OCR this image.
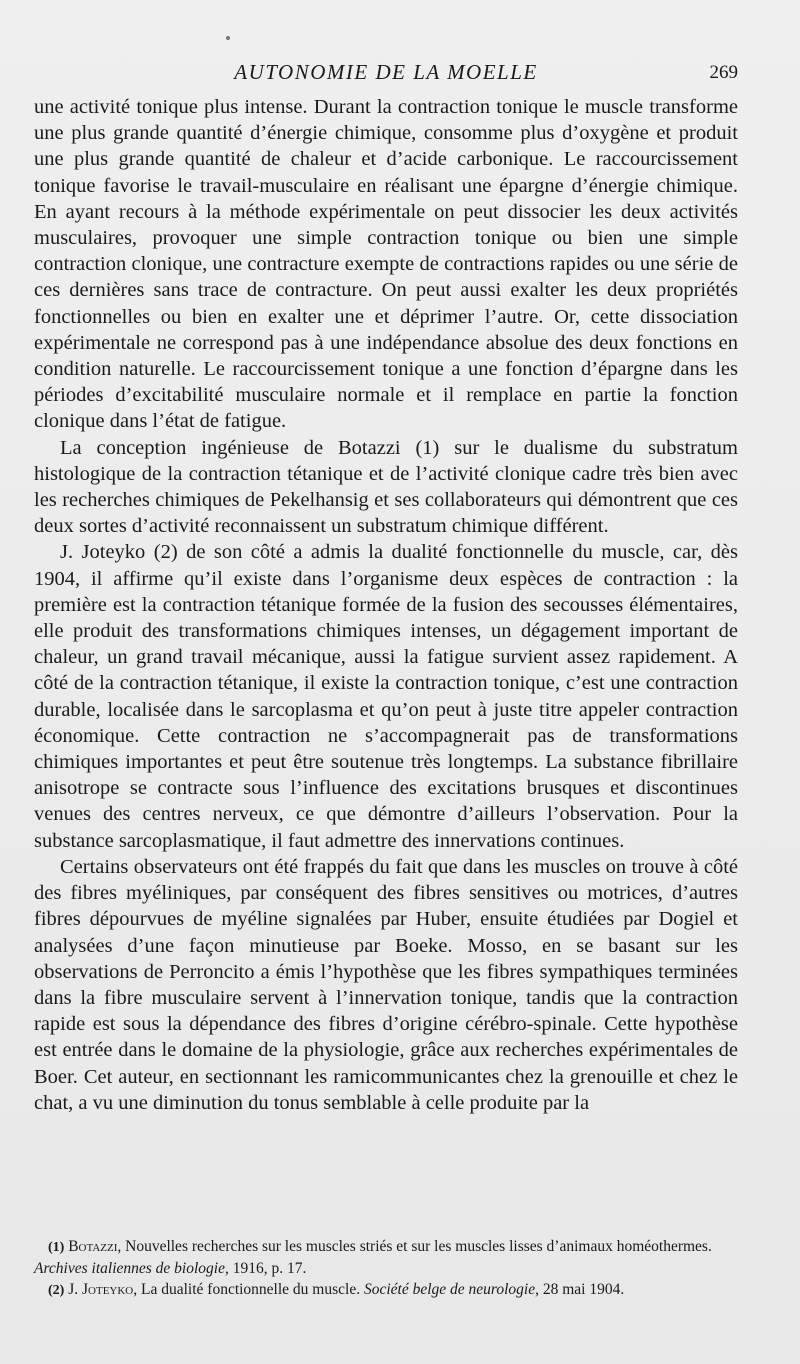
AUTONOMIE DE LA MOELLE	269

une activité tonique plus intense. Durant la contraction tonique le muscle transforme une plus grande quantité d’énergie chimique, consomme plus d’oxygène et produit une plus grande quantité de chaleur et d’acide carbonique. Le raccourcissement tonique favorise le travail-musculaire en réalisant une épargne d’énergie chimique. En ayant recours à la méthode expérimentale on peut dissocier les deux activités musculaires, provoquer une simple contraction tonique ou bien une simple contraction clonique, une contracture exempte de contractions rapides ou une série de ces dernières sans trace de contracture. On peut aussi exalter les deux propriétés fonctionnelles ou bien en exalter une et déprimer l’autre. Or, cette dissociation expérimentale ne correspond pas à une indépendance absolue des deux fonctions en condition naturelle. Le raccourcissement tonique a une fonction d’épargne dans les périodes d’excitabilité musculaire normale et il remplace en partie la fonction clonique dans l’état de fatigue.

La conception ingénieuse de Botazzi (1) sur le dualisme du substratum histologique de la contraction tétanique et de l’activité clonique cadre très bien avec les recherches chimiques de Pekelhansig et ses collaborateurs qui démontrent que ces deux sortes d’activité reconnaissent un substratum chimique différent.

J. Joteyko (2) de son côté a admis la dualité fonctionnelle du muscle, car, dès 1904, il affirme qu’il existe dans l’organisme deux espèces de contraction : la première est la contraction tétanique formée de la fusion des secousses élémentaires, elle produit des transformations chimiques intenses, un dégagement important de chaleur, un grand travail mécanique, aussi la fatigue survient assez rapidement. A côté de la contraction tétanique, il existe la contraction tonique, c’est une contraction durable, localisée dans le sarcoplasma et qu’on peut à juste titre appeler contraction économique. Cette contraction ne s’accompagnerait pas de transformations chimiques importantes et peut être soutenue très longtemps. La substance fibrillaire anisotrope se contracte sous l’influence des excitations brusques et discontinues venues des centres nerveux, ce que démontre d’ailleurs l’observation. Pour la substance sarcoplasmatique, il faut admettre des innervations continues.

Certains observateurs ont été frappés du fait que dans les muscles on trouve à côté des fibres myéliniques, par conséquent des fibres sensitives ou motrices, d’autres fibres dépourvues de myéline signalées par Huber, ensuite étudiées par Dogiel et analysées d’une façon minutieuse par Boeke. Mosso, en se basant sur les observations de Perroncito a émis l’hypothèse que les fibres sympathiques terminées dans la fibre musculaire servent à l’innervation tonique, tandis que la contraction rapide est sous la dépendance des fibres d’origine cérébro-spinale. Cette hypothèse est entrée dans le domaine de la physiologie, grâce aux recherches expérimentales de Boer. Cet auteur, en sectionnant les ramicommunicantes chez la grenouille et chez le chat, a vu une diminution du tonus semblable à celle produite par la

(1) Botazzi, Nouvelles recherches sur les muscles striés et sur les muscles lisses d’animaux homéothermes. Archives italiennes de biologie, 1916, p. 17.

(2) J. Joteyko, La dualité fonctionnelle du muscle. Société belge de neurologie, 28 mai 1904.
